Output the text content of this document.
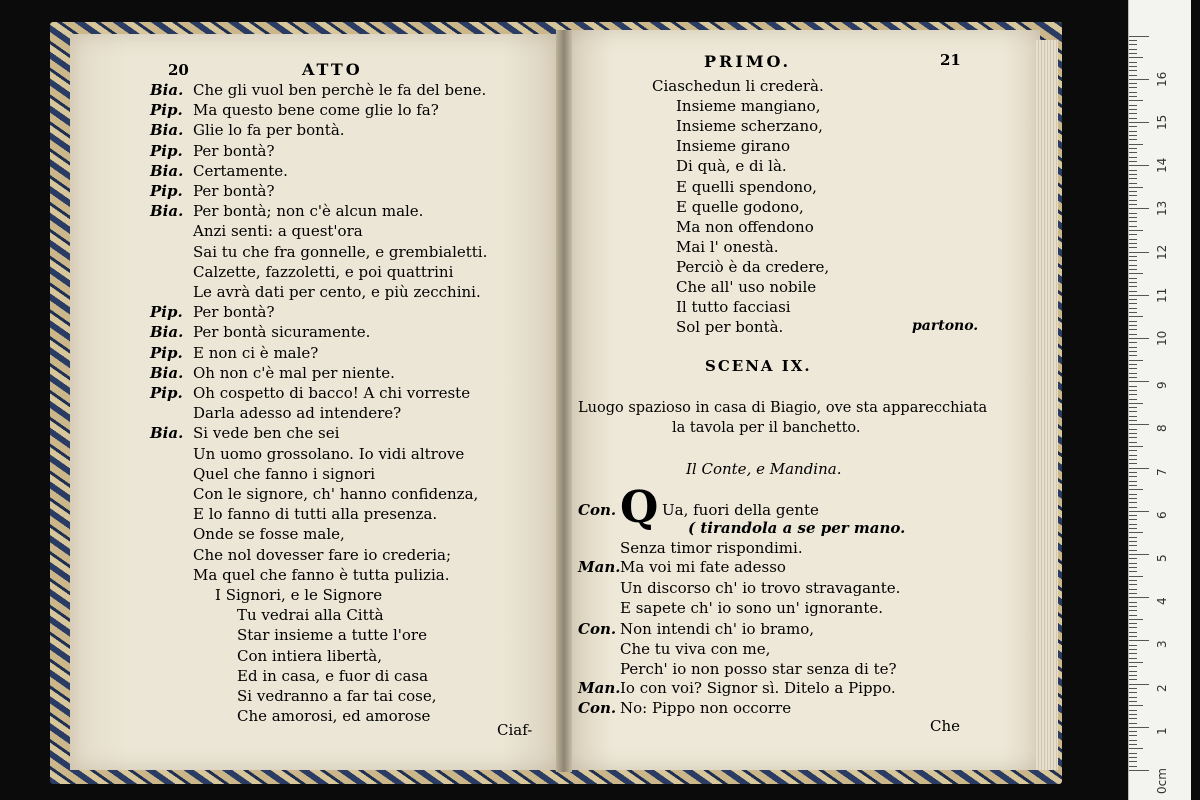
20	ATTO
Bia. Che gli vuol ben perchè le fa del bene.
Pip. Ma questo bene come glie lo fa?
Bia. Glie lo fa per bontà.
Pip. Per bontà?
Bia. Certamente.
Pip. Per bontà?
Bia. Per bontà; non c'è alcun male.
Anzi senti: a quest'ora
Sai tu che fra gonnelle, e grembialetti.
Calzette, fazzoletti, e poi quattrini
Le avrà dati per cento, e più zecchini.
Pip. Per bontà?
Bia. Per bontà sicuramente.
Pip. E non ci è male?
Bia. Oh non c'è mal per niente.
Pip. Oh cospetto di bacco! A chi vorreste
Darla adesso ad intendere?
Bia. Si vede ben che sei
Un uomo grossolano. Io vidi altrove
Quel che fanno i signori
Con le signore, ch' hanno confidenza,
E lo fanno di tutti alla presenza.
Onde se fosse male,
Che nol dovesser fare io crederia;
Ma quel che fanno è tutta pulizia.
I Signori, e le Signore
Tu vedrai alla Città
Star insieme a tutte l'ore
Con intiera libertà,
Ed in casa, e fuor di casa
Si vedranno a far tai cose,
Che amorosi, ed amorose
Ciaf-
PRIMO.	21
Ciaschedun li crederà.
Insieme mangiano,
Insieme scherzano,
Insieme girano
Di quà, e di là.
E quelli spendono,
E quelle godono,
Ma non offendono
Mai l' onestà.
Perciò è da credere,
Che all' uso nobile
Il tutto facciasi
Sol per bontà.	partono.
SCENA IX.
Luogo spazioso in casa di Biagio, ove sta apparecchiata
la tavola per il banchetto.
Il Conte, e Mandina.
Con. Q Ua, fuori della gente
( tirandola a se per mano.
Senza timor rispondimi.
Man. Ma voi mi fate adesso
Un discorso ch' io trovo stravagante.
E sapete ch' io sono un' ignorante.
Con. Non intendi ch' io bramo,
Che tu viva con me,
Perch' io non posso star senza di te?
Man. Io con voi? Signor sì. Ditelo a Pippo.
Con. No: Pippo non occorre
Che
0cm
1
2
3
4
5
6
7
8
9
10
11
12
13
14
15
16
